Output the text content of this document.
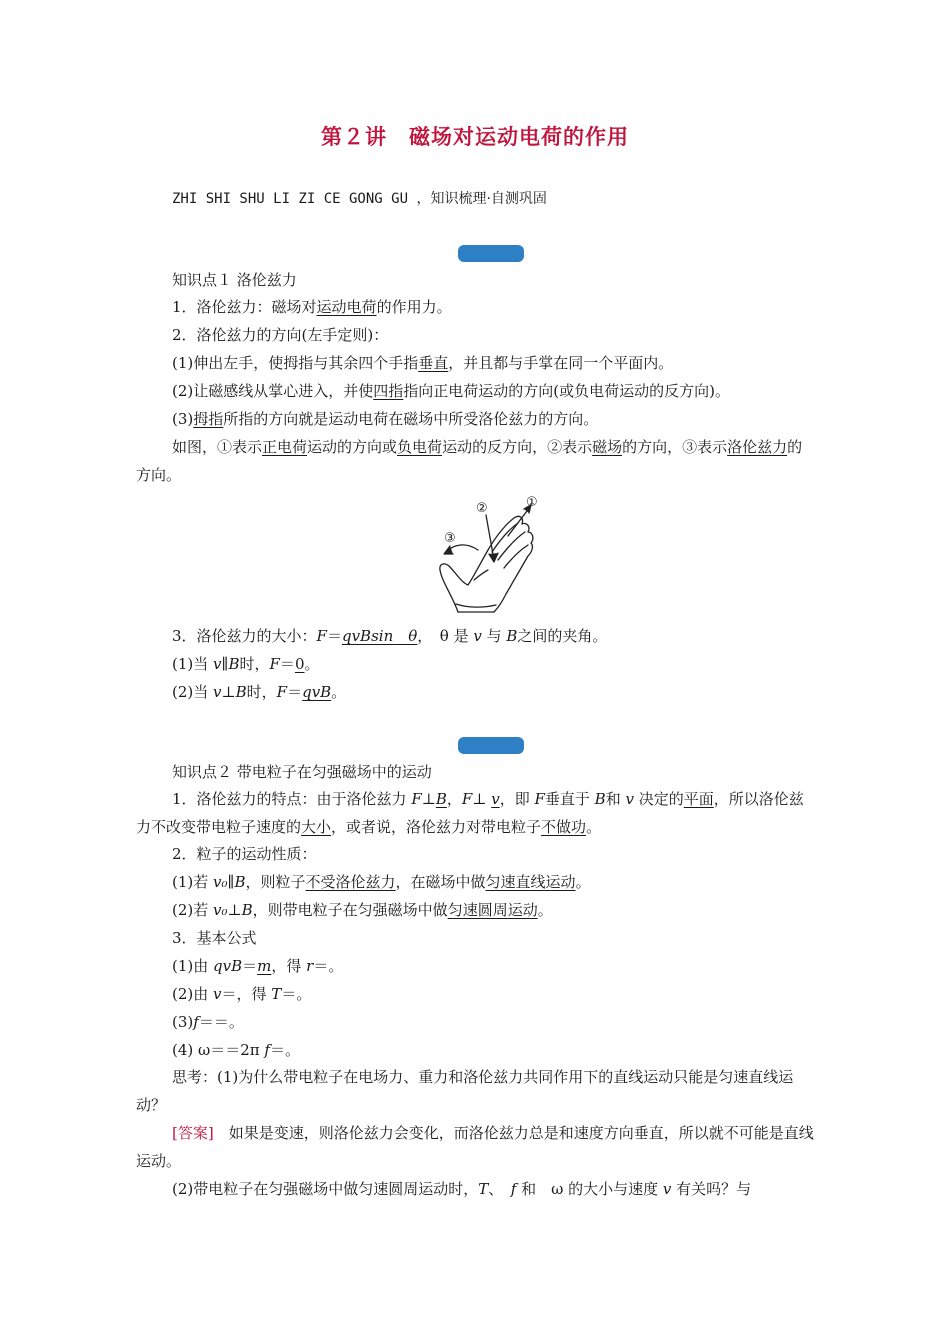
第２讲　磁场对运动电荷的作用
ZHI SHI SHU LI ZI CE GONG GU ，知识梳理·自测巩固
知识点１ 洛伦兹力
1．洛伦兹力：磁场对运动电荷的作用力。
2．洛伦兹力的方向(左手定则)：
(1)伸出左手，使拇指与其余四个手指垂直，并且都与手掌在同一个平面内。
(2)让磁感线从掌心进入，并使四指指向正电荷运动的方向(或负电荷运动的反方向)。
(3)拇指所指的方向就是运动电荷在磁场中所受洛伦兹力的方向。
如图，①表示正电荷运动的方向或负电荷运动的反方向，②表示磁场的方向，③表示洛伦兹力的方向。
①
②
③
3．洛伦兹力的大小：F＝qvBsin　θ，　θ 是 v 与 B之间的夹角。
(1)当 v∥B时，F＝0。
(2)当 v⊥B时，F＝qvB。
知识点２ 带电粒子在匀强磁场中的运动
1．洛伦兹力的特点：由于洛伦兹力 F⊥B，F⊥ v，即 F垂直于 B和 v 决定的平面，所以洛伦兹力不改变带电粒子速度的大小，或者说，洛伦兹力对带电粒子不做功。
2．粒子的运动性质：
(1)若 v₀∥B，则粒子不受洛伦兹力，在磁场中做匀速直线运动。
(2)若 v₀⊥B，则带电粒子在匀强磁场中做匀速圆周运动。
3．基本公式
(1)由 qvB＝m，得 r＝。
(2)由 v＝，得 T＝。
(3)f＝＝。
(4) ω＝＝2π f＝。
思考：(1)为什么带电粒子在电场力、重力和洛伦兹力共同作用下的直线运动只能是匀速直线运动？
[答案]　如果是变速，则洛伦兹力会变化，而洛伦兹力总是和速度方向垂直，所以就不可能是直线运动。
(2)带电粒子在匀强磁场中做匀速圆周运动时，T、　f 和　ω 的大小与速度 v 有关吗？与
